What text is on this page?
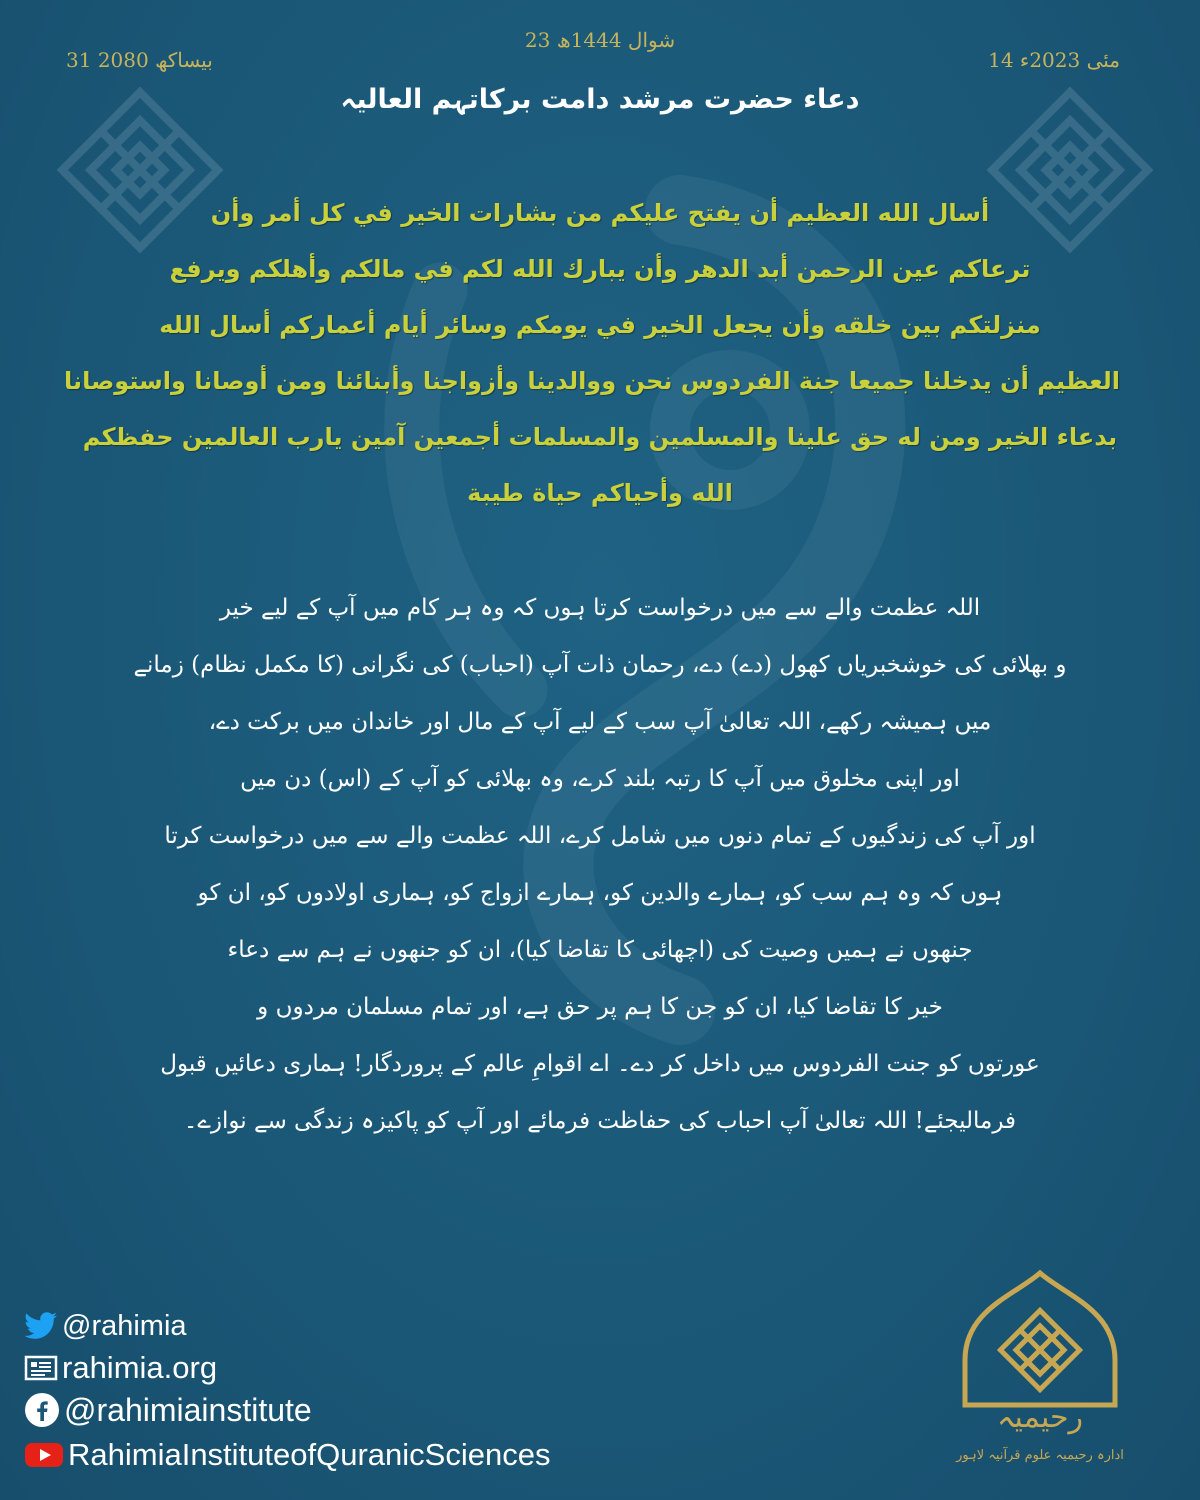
23 شوال 1444ھ
14 مئی 2023ء
31 بیساکھ 2080
دعاء حضرت مرشد دامت برکاتہم العالیہ
أسال الله العظيم أن يفتح عليكم من بشارات الخير في كل أمر وأن
ترعاكم عين الرحمن أبد الدهر وأن يبارك الله لكم في مالكم وأهلكم ويرفع
منزلتكم بين خلقه وأن يجعل الخير في يومكم وسائر أيام أعماركم أسال الله
العظيم أن يدخلنا جميعا جنة الفردوس نحن ووالدينا وأزواجنا وأبنائنا ومن أوصانا واستوصانا
بدعاء الخير ومن له حق علينا والمسلمين والمسلمات أجمعين آمين يارب العالمين حفظكم
الله وأحياكم حياة طيبة
اللہ عظمت والے سے میں درخواست کرتا ہوں کہ وہ ہر کام میں آپ کے لیے خیر
و بھلائی کی خوشخبریاں کھول (دے) دے، رحمان ذات آپ (احباب) کی نگرانی (کا مکمل نظام) زمانے
میں ہمیشہ رکھے، اللہ تعالیٰ آپ سب کے لیے آپ کے مال اور خاندان میں برکت دے،
اور اپنی مخلوق میں آپ کا رتبہ بلند کرے، وہ بھلائی کو آپ کے (اس) دن میں
اور آپ کی زندگیوں کے تمام دنوں میں شامل کرے، اللہ عظمت والے سے میں درخواست کرتا
ہوں کہ وہ ہم سب کو، ہمارے والدین کو، ہمارے ازواج کو، ہماری اولادوں کو، ان کو
جنھوں نے ہمیں وصیت کی (اچھائی کا تقاضا کیا)، ان کو جنھوں نے ہم سے دعاء
خیر کا تقاضا کیا، ان کو جن کا ہم پر حق ہے، اور تمام مسلمان مردوں و
عورتوں کو جنت الفردوس میں داخل کر دے۔ اے اقوامِ عالم کے پروردگار! ہماری دعائیں قبول
فرمالیجئے! اللہ تعالیٰ آپ احباب کی حفاظت فرمائے اور آپ کو پاکیزہ زندگی سے نوازے۔
@rahimia
rahimia.org
@rahimiainstitute
RahimiaInstituteofQuranicSciences
رحیمیہ
ادارہ رحیمیہ علوم قرآنیہ لاہور
